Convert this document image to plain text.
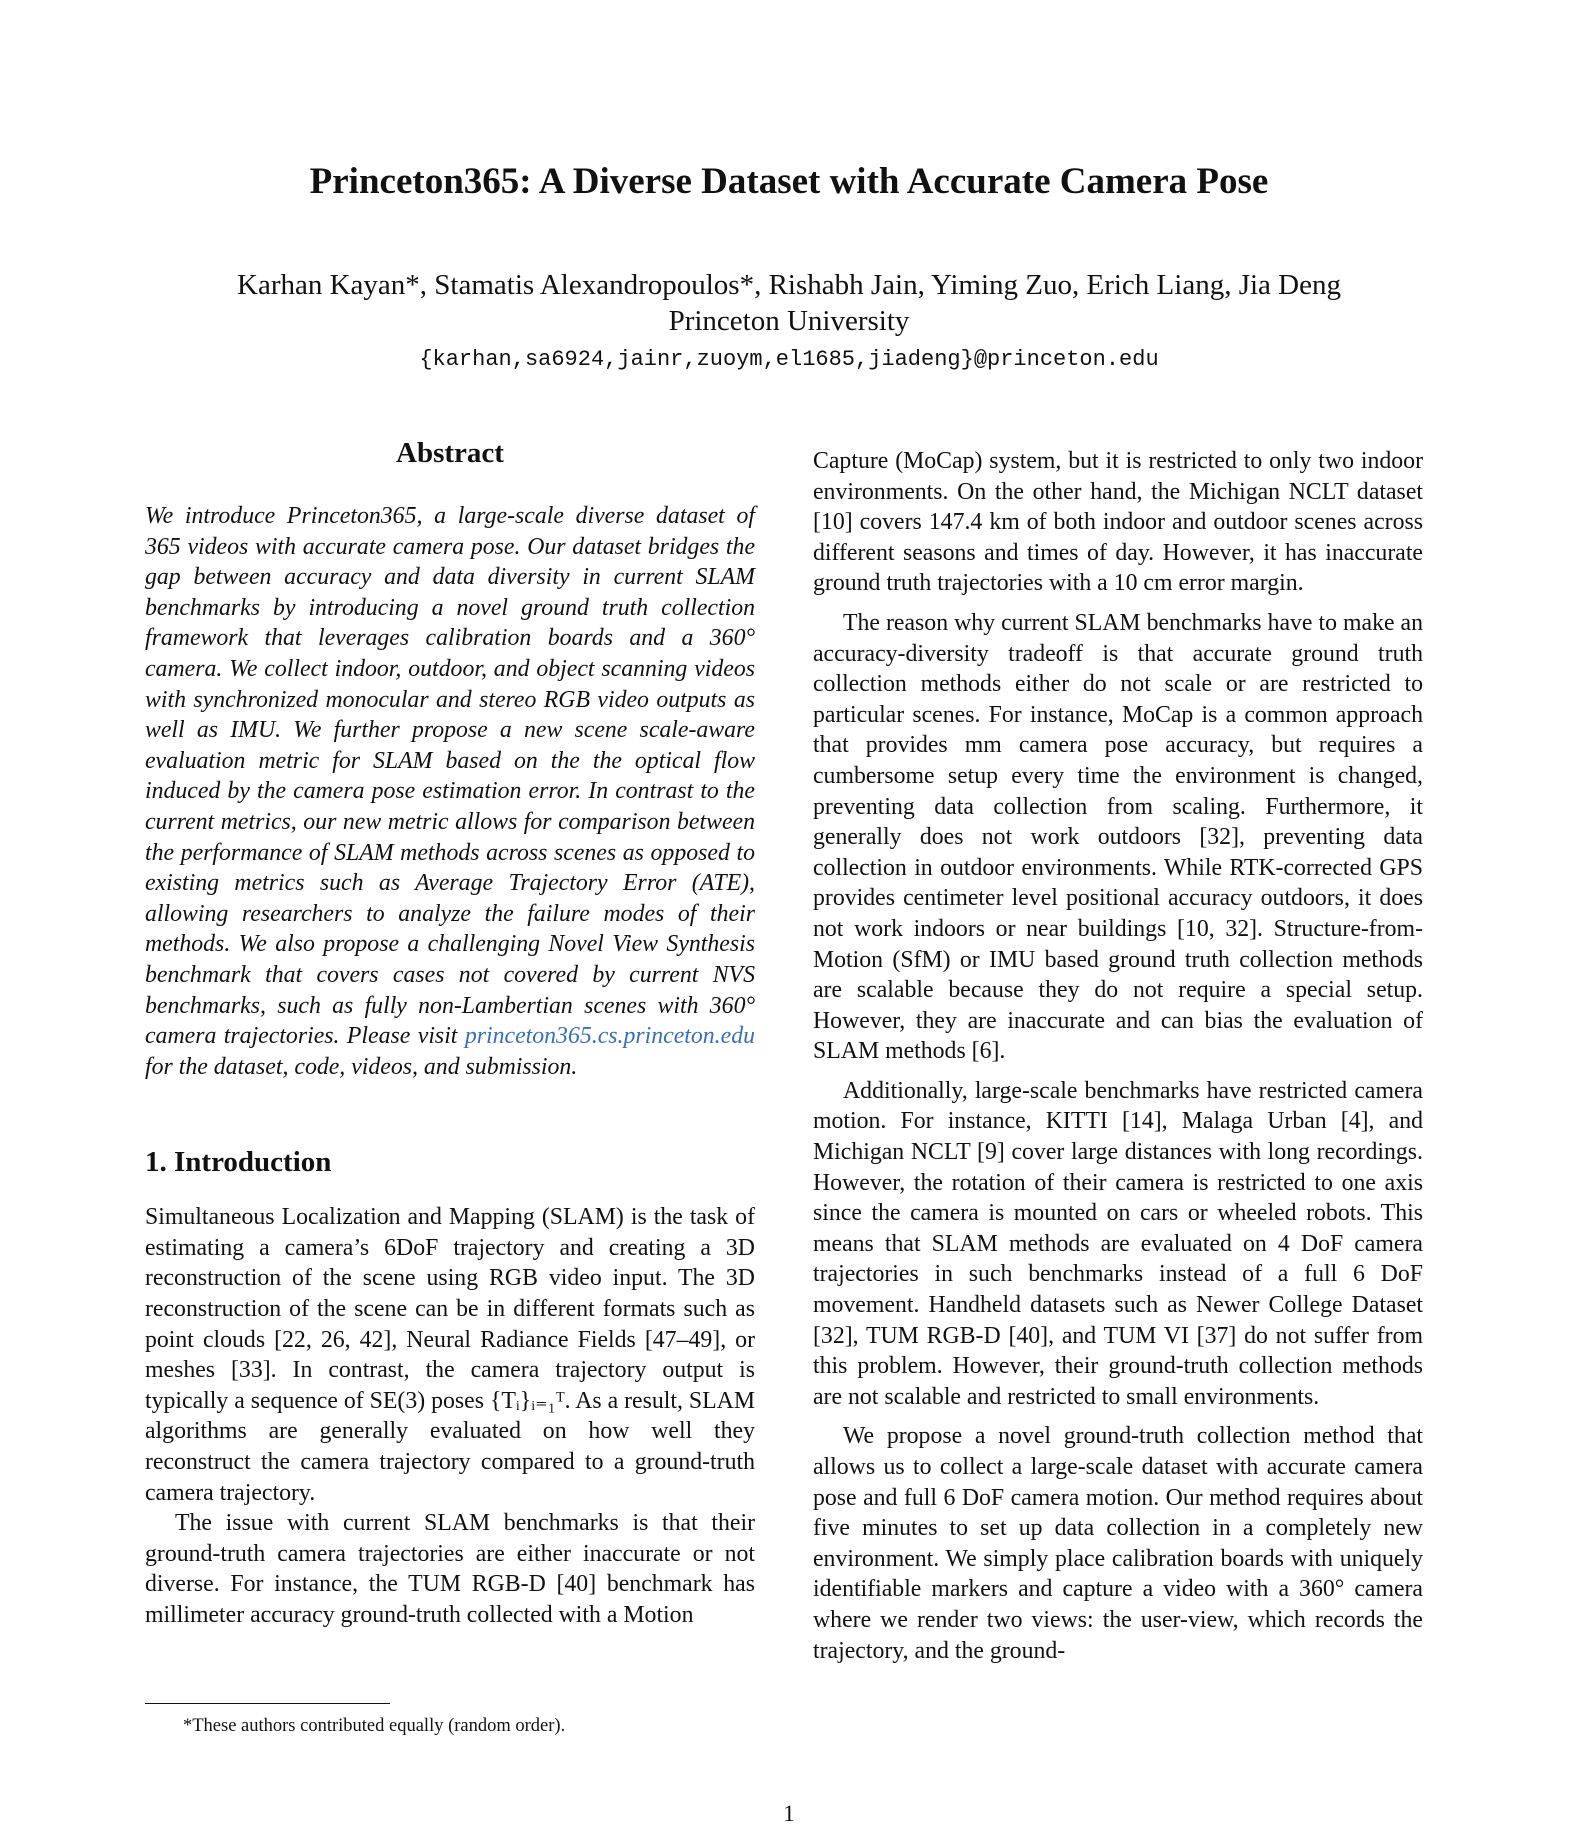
Princeton365: A Diverse Dataset with Accurate Camera Pose
Karhan Kayan*, Stamatis Alexandropoulos*, Rishabh Jain, Yiming Zuo, Erich Liang, Jia Deng
Princeton University
{karhan,sa6924,jainr,zuoym,el1685,jiadeng}@princeton.edu
Abstract

We introduce Princeton365, a large-scale diverse dataset of 365 videos with accurate camera pose. Our dataset bridges the gap between accuracy and data diversity in current SLAM benchmarks by introducing a novel ground truth collection framework that leverages calibration boards and a 360° camera. We collect indoor, outdoor, and object scanning videos with synchronized monocular and stereo RGB video outputs as well as IMU. We further propose a new scene scale-aware evaluation metric for SLAM based on the the optical flow induced by the camera pose estimation error. In contrast to the current metrics, our new metric allows for comparison between the performance of SLAM methods across scenes as opposed to existing metrics such as Average Trajectory Error (ATE), allowing researchers to analyze the failure modes of their methods. We also propose a challenging Novel View Synthesis benchmark that covers cases not covered by current NVS benchmarks, such as fully non-Lambertian scenes with 360° camera trajectories. Please visit princeton365.cs.princeton.edu for the dataset, code, videos, and submission.

1. Introduction

Simultaneous Localization and Mapping (SLAM) is the task of estimating a camera’s 6DoF trajectory and creating a 3D reconstruction of the scene using RGB video input. The 3D reconstruction of the scene can be in different formats such as point clouds [22, 26, 42], Neural Radiance Fields [47–49], or meshes [33]. In contrast, the camera trajectory output is typically a sequence of SE(3) poses {Tᵢ}ᵢ₌₁ᵀ. As a result, SLAM algorithms are generally evaluated on how well they reconstruct the camera trajectory compared to a ground-truth camera trajectory.

The issue with current SLAM benchmarks is that their ground-truth camera trajectories are either inaccurate or not diverse. For instance, the TUM RGB-D [40] benchmark has millimeter accuracy ground-truth collected with a Motion

Capture (MoCap) system, but it is restricted to only two indoor environments. On the other hand, the Michigan NCLT dataset [10] covers 147.4 km of both indoor and outdoor scenes across different seasons and times of day. However, it has inaccurate ground truth trajectories with a 10 cm error margin.

The reason why current SLAM benchmarks have to make an accuracy-diversity tradeoff is that accurate ground truth collection methods either do not scale or are restricted to particular scenes. For instance, MoCap is a common approach that provides mm camera pose accuracy, but requires a cumbersome setup every time the environment is changed, preventing data collection from scaling. Furthermore, it generally does not work outdoors [32], preventing data collection in outdoor environments. While RTK-corrected GPS provides centimeter level positional accuracy outdoors, it does not work indoors or near buildings [10, 32]. Structure-from-Motion (SfM) or IMU based ground truth collection methods are scalable because they do not require a special setup. However, they are inaccurate and can bias the evaluation of SLAM methods [6].

Additionally, large-scale benchmarks have restricted camera motion. For instance, KITTI [14], Malaga Urban [4], and Michigan NCLT [9] cover large distances with long recordings. However, the rotation of their camera is restricted to one axis since the camera is mounted on cars or wheeled robots. This means that SLAM methods are evaluated on 4 DoF camera trajectories in such benchmarks instead of a full 6 DoF movement. Handheld datasets such as Newer College Dataset [32], TUM RGB-D [40], and TUM VI [37] do not suffer from this problem. However, their ground-truth collection methods are not scalable and restricted to small environments.

We propose a novel ground-truth collection method that allows us to collect a large-scale dataset with accurate camera pose and full 6 DoF camera motion. Our method requires about five minutes to set up data collection in a completely new environment. We simply place calibration boards with uniquely identifiable markers and capture a video with a 360° camera where we render two views: the user-view, which records the trajectory, and the ground-

*These authors contributed equally (random order).
1
